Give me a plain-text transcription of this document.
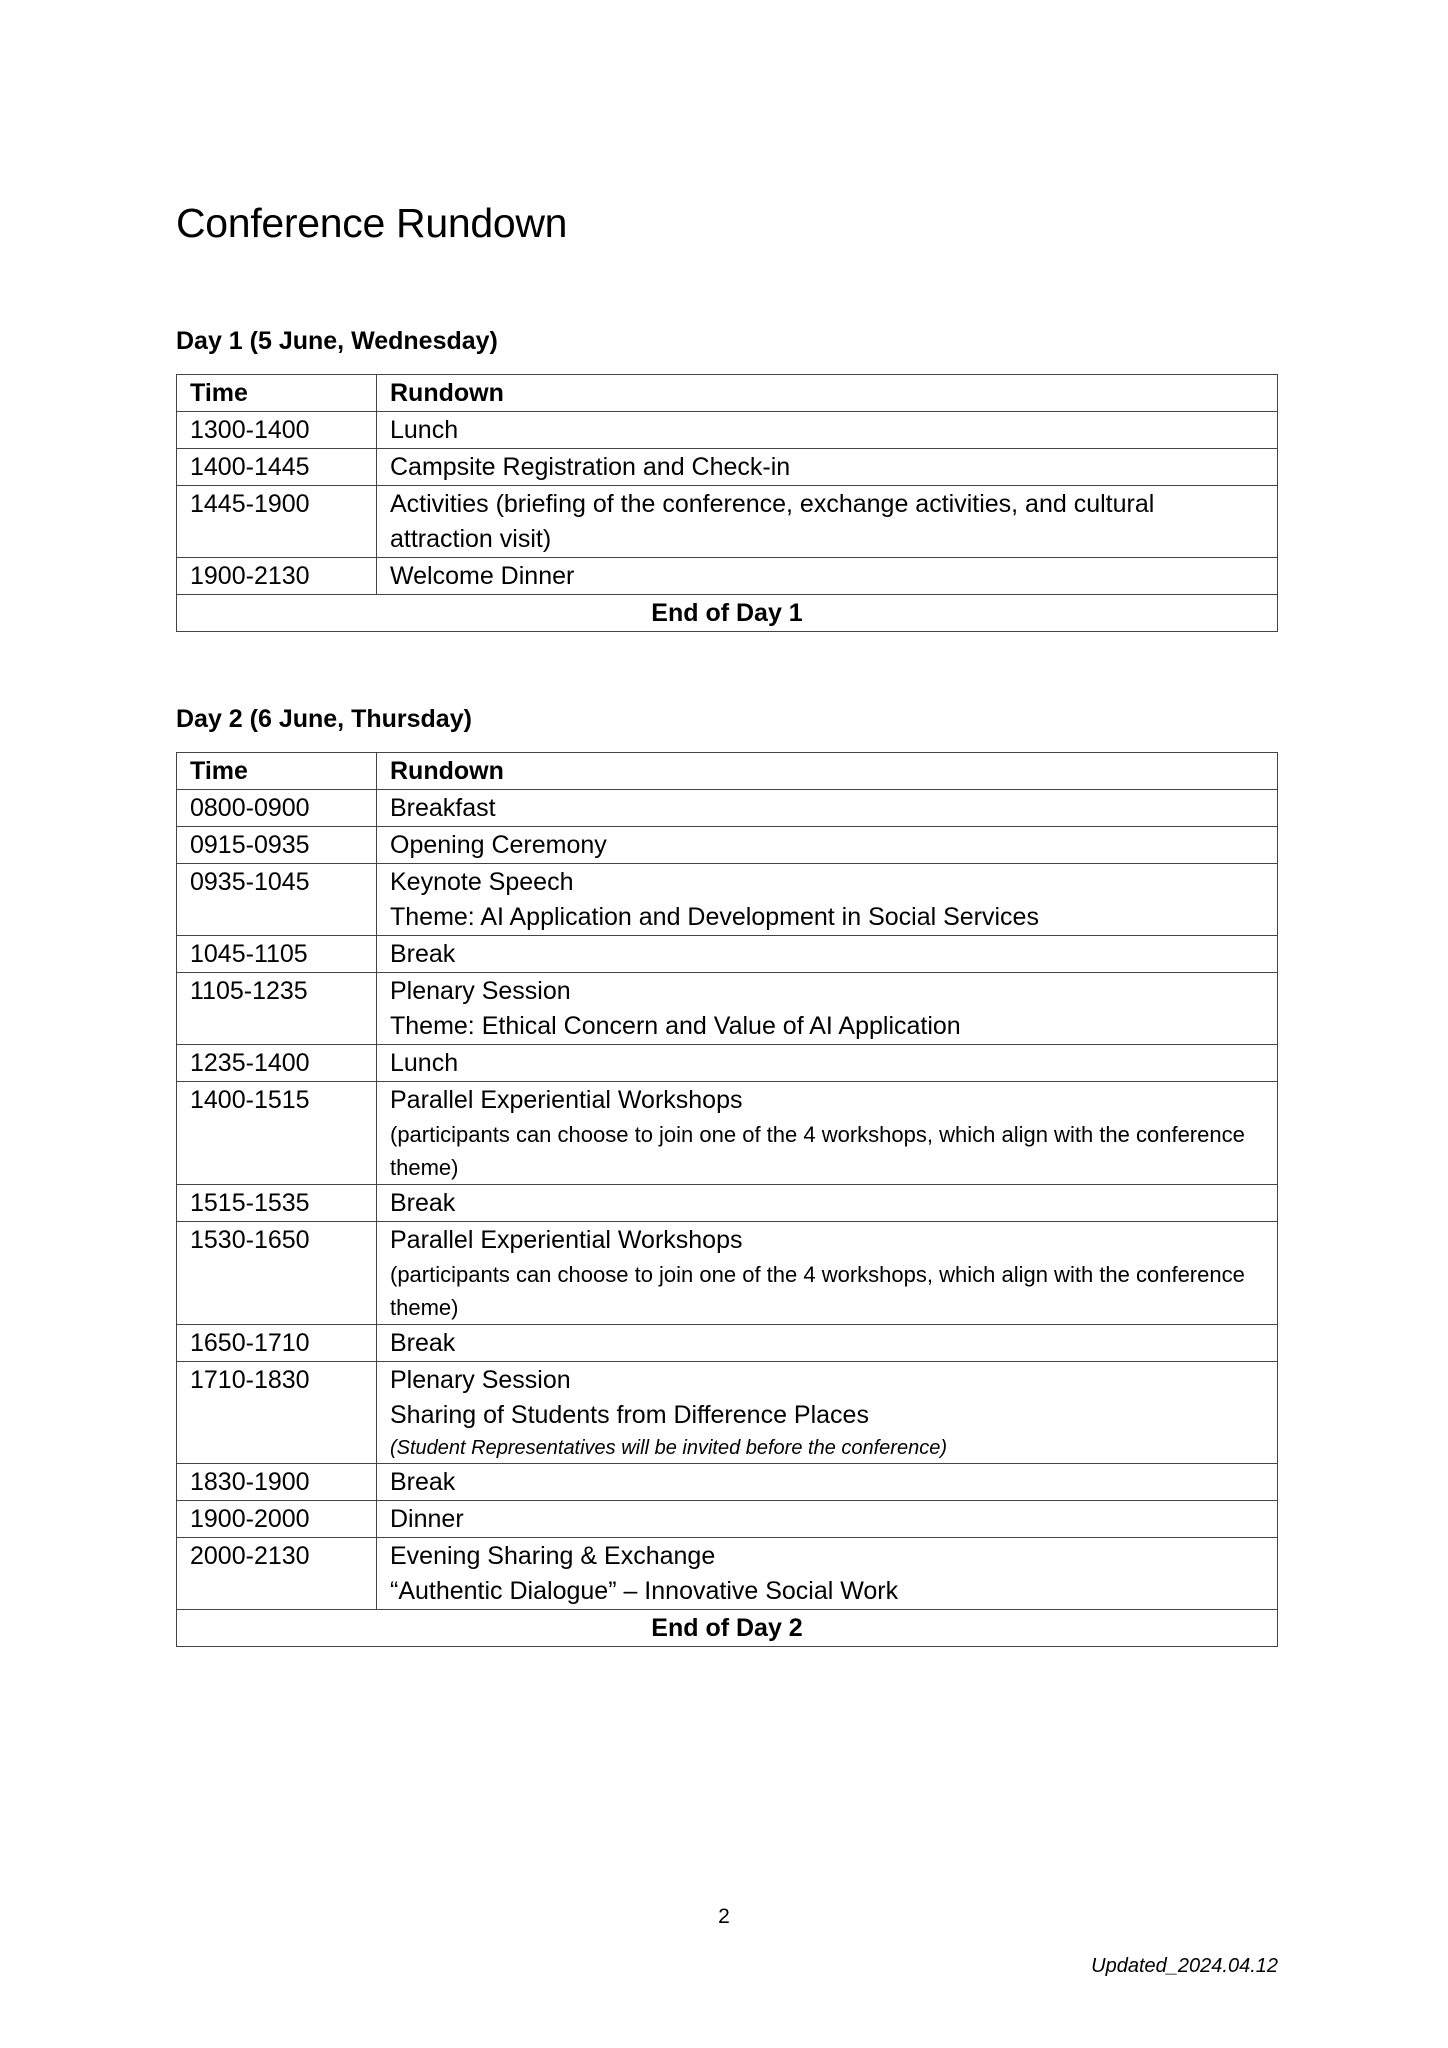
Conference Rundown
Day 1 (5 June, Wednesday)
Time	Rundown
1300-1400	Lunch

1400-1445	Campsite Registration and Check-in

1445-1900	Activities (briefing of the conference, exchange activities, and cultural attraction visit)

1900-2130	Welcome Dinner

End of Day 1	
Day 2 (6 June, Thursday)
Time	Rundown
0800-0900	Breakfast

0915-0935	Opening Ceremony

0935-1045	Keynote Speech
Theme: AI Application and Development in Social Services

1045-1105	Break

1105-1235	Plenary Session
Theme: Ethical Concern and Value of AI Application

1235-1400	Lunch

1400-1515	Parallel Experiential Workshops
(participants can choose to join one of the 4 workshops, which align with the conference theme)

1515-1535	Break

1530-1650	Parallel Experiential Workshops
(participants can choose to join one of the 4 workshops, which align with the conference theme)

1650-1710	Break

1710-1830	Plenary Session
Sharing of Students from Difference Places
(Student Representatives will be invited before the conference)

1830-1900	Break

1900-2000	Dinner

2000-2130	Evening Sharing & Exchange
“Authentic Dialogue” – Innovative Social Work

End of Day 2	
2
Updated_2024.04.12
